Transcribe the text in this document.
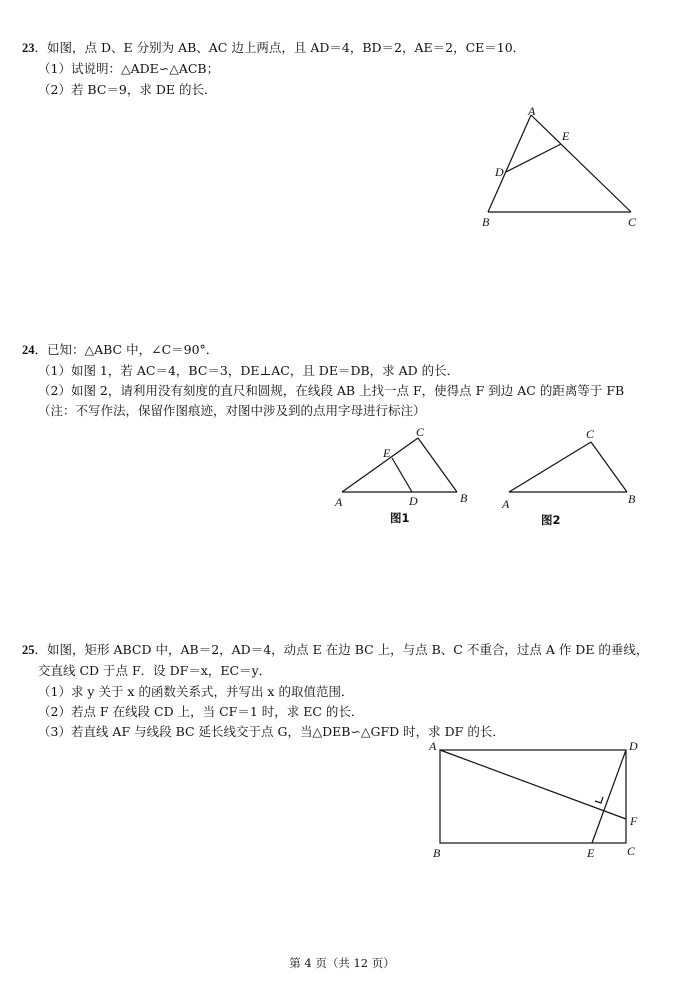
23．如图，点 D、E 分别为 AB、AC 边上两点，且 AD＝4，BD＝2，AE＝2，CE＝10．
（1）试说明：△ADE∽△ACB；
（2）若 BC＝9，求 DE 的长．
A
E
D
B	C
24．已知：△ABC 中，∠C＝90°．
（1）如图 1，若 AC＝4，BC＝3，DE⊥AC，且 DE＝DB，求 AD 的长．
（2）如图 2，请利用没有刻度的直尺和圆规，在线段 AB 上找一点 F，使得点 F 到边 AC 的距离等于 FB
（注：不写作法，保留作图痕迹，对图中涉及到的点用字母进行标注）
C
E
A	D	B
图1
C
A	B
图2
25．如图，矩形 ABCD 中，AB＝2，AD＝4，动点 E 在边 BC 上，与点 B、C 不重合，过点 A 作 DE 的垂线，
交直线 CD 于点 F．设 DF＝x，EC＝y．
（1）求 y 关于 x 的函数关系式，并写出 x 的取值范围．
（2）若点 F 在线段 CD 上，当 CF＝1 时，求 EC 的长．
（3）若直线 AF 与线段 BC 延长线交于点 G，当△DEB∽△GFD 时，求 DF 的长．
A	D
F
B	E	C
第 4 页（共 12 页）
